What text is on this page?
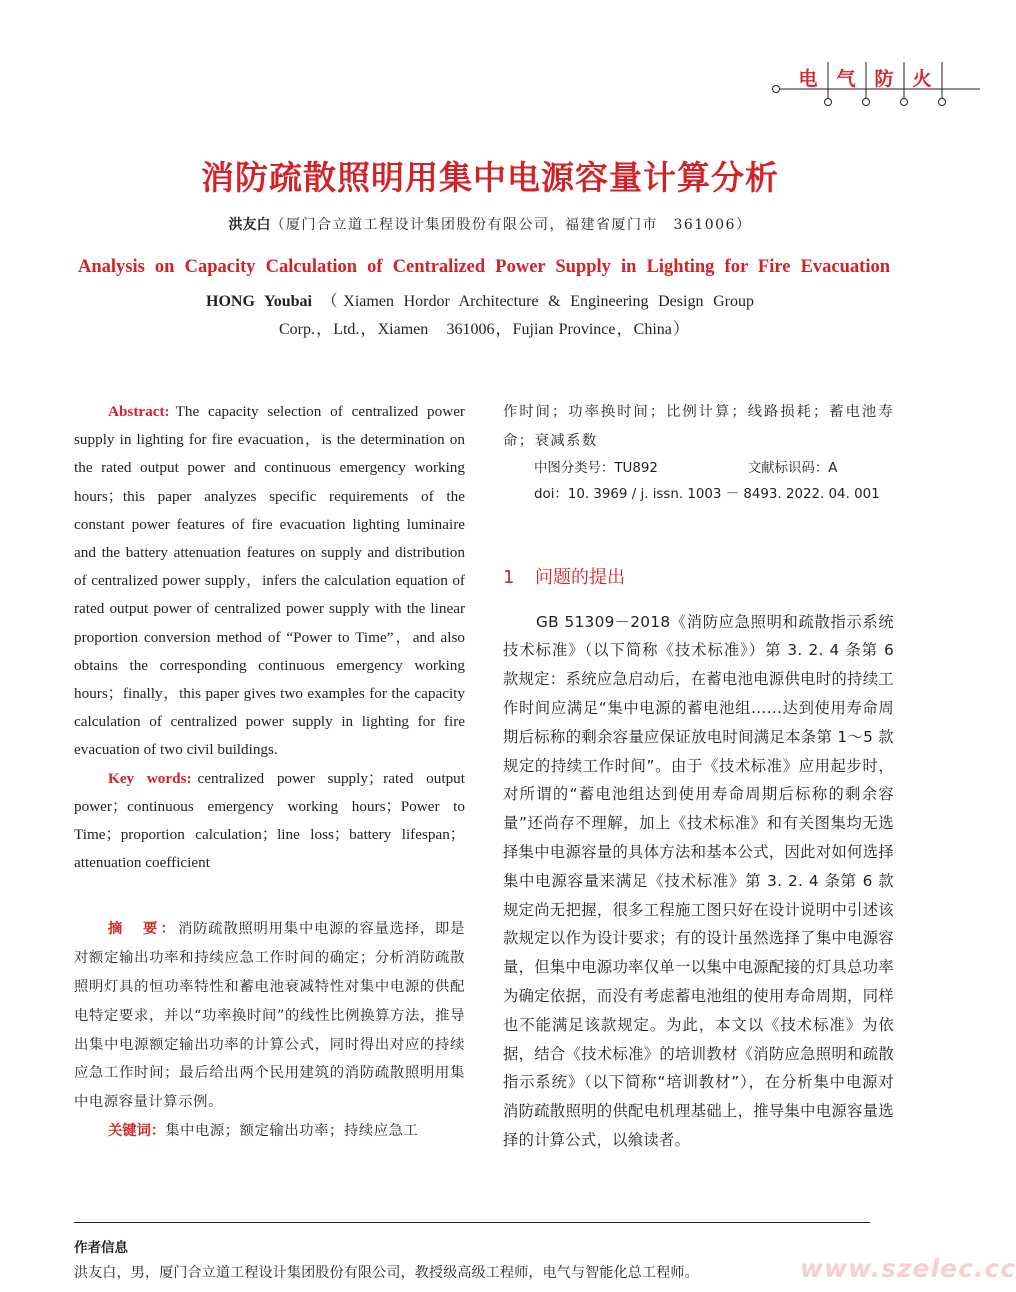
电 气 防 火
消防疏散照明用集中电源容量计算分析
洪友白（厦门合立道工程设计集团股份有限公司，福建省厦门市　361006）
Analysis on Capacity Calculation of Centralized Power Supply in Lighting for Fire Evacuation
HONG Youbai （Xiamen Hordor Architecture & Engineering Design Group
Corp.，Ltd.，Xiamen　361006，Fujian Province，China）

Abstract: The capacity selection of centralized power supply in lighting for fire evacuation，is the determination on the rated output power and continuous emergency working hours；this paper analyzes specific requirements of the constant power features of fire evacuation lighting luminaire and the battery attenuation features on supply and distribution of centralized power supply，infers the calculation equation of rated output power of centralized power supply with the linear proportion conversion method of “Power to Time”，and also obtains the corresponding continuous emergency working hours；finally，this paper gives two examples for the capacity calculation of centralized power supply in lighting for fire evacuation of two civil buildings.

Key words: centralized power supply；rated output power；continuous emergency working hours；Power to Time；proportion calculation；line loss；battery lifespan；attenuation coefficient

摘　要：消防疏散照明用集中电源的容量选择，即是对额定输出功率和持续应急工作时间的确定；分析消防疏散照明灯具的恒功率特性和蓄电池衰减特性对集中电源的供配电特定要求，并以“功率换时间”的线性比例换算方法，推导出集中电源额定输出功率的计算公式，同时得出对应的持续应急工作时间；最后给出两个民用建筑的消防疏散照明用集中电源容量计算示例。

关键词：集中电源；额定输出功率；持续应急工

作时间；功率换时间；比例计算；线路损耗；蓄电池寿命；衰减系数

中图分类号：TU892	文献标识码：A
doi：10. 3969 / j. issn. 1003 － 8493. 2022. 04. 001
1 问题的提出

GB 51309－2018《消防应急照明和疏散指示系统技术标准》（以下简称《技术标准》）第 3. 2. 4 条第 6 款规定：系统应急启动后，在蓄电池电源供电时的持续工作时间应满足“集中电源的蓄电池组……达到使用寿命周期后标称的剩余容量应保证放电时间满足本条第 1～5 款规定的持续工作时间”。由于《技术标准》应用起步时，对所谓的“蓄电池组达到使用寿命周期后标称的剩余容量”还尚存不理解，加上《技术标准》和有关图集均无选择集中电源容量的具体方法和基本公式，因此对如何选择集中电源容量来满足《技术标准》第 3. 2. 4 条第 6 款规定尚无把握，很多工程施工图只好在设计说明中引述该款规定以作为设计要求；有的设计虽然选择了集中电源容量，但集中电源功率仅单一以集中电源配接的灯具总功率为确定依据，而没有考虑蓄电池组的使用寿命周期，同样也不能满足该款规定。为此，本文以《技术标准》为依据，结合《技术标准》的培训教材《消防应急照明和疏散指示系统》（以下简称“培训教材”），在分析集中电源对消防疏散照明的供配电机理基础上，推导集中电源容量选择的计算公式，以飨读者。

作者信息
洪友白，男，厦门合立道工程设计集团股份有限公司，教授级高级工程师，电气与智能化总工程师。	www.szelec.cc
